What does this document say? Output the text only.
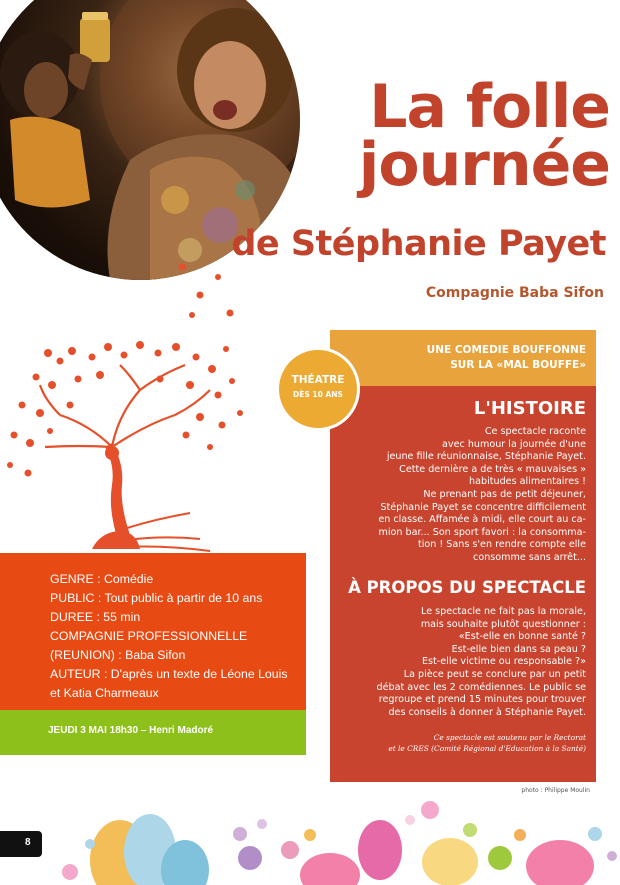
La folle
journée
de Stéphanie Payet
Compagnie Baba Sifon
UNE COMEDIE BOUFFONNE
SUR LA «MAL BOUFFE»
L'HISTOIRE
Ce spectacle raconte
avec humour la journée d'une
jeune fille réunionnaise, Stéphanie Payet.
Cette dernière a de très « mauvaises »
habitudes alimentaires !
Ne prenant pas de petit déjeuner,
Stéphanie Payet se concentre difficilement
en classe. Affamée à midi, elle court au ca-
mion bar... Son sport favori : la consomma-
tion ! Sans s'en rendre compte elle
consomme sans arrêt...
À PROPOS DU SPECTACLE
Le spectacle ne fait pas la morale,
mais souhaite plutôt questionner :
«Est-elle en bonne santé ?
Est-elle bien dans sa peau ?
Est-elle victime ou responsable ?»
La pièce peut se conclure par un petit
débat avec les 2 comédiennes. Le public se
regroupe et prend 15 minutes pour trouver
des conseils à donner à Stéphanie Payet.
Ce spectacle est soutenu par le Rectorat
et le CRES (Comité Régional d'Education à la Santé)
THÉATRE
DÈS 10 ANS
photo : Philippe Moulin
GENRE : Comédie
PUBLIC : Tout public à partir de 10 ans
DUREE : 55 min
COMPAGNIE PROFESSIONNELLE
(REUNION) : Baba Sifon
AUTEUR : D'après un texte de Léone Louis
et Katia Charmeaux
JEUDI 3 MAI 18h30 – Henri Madoré
8
